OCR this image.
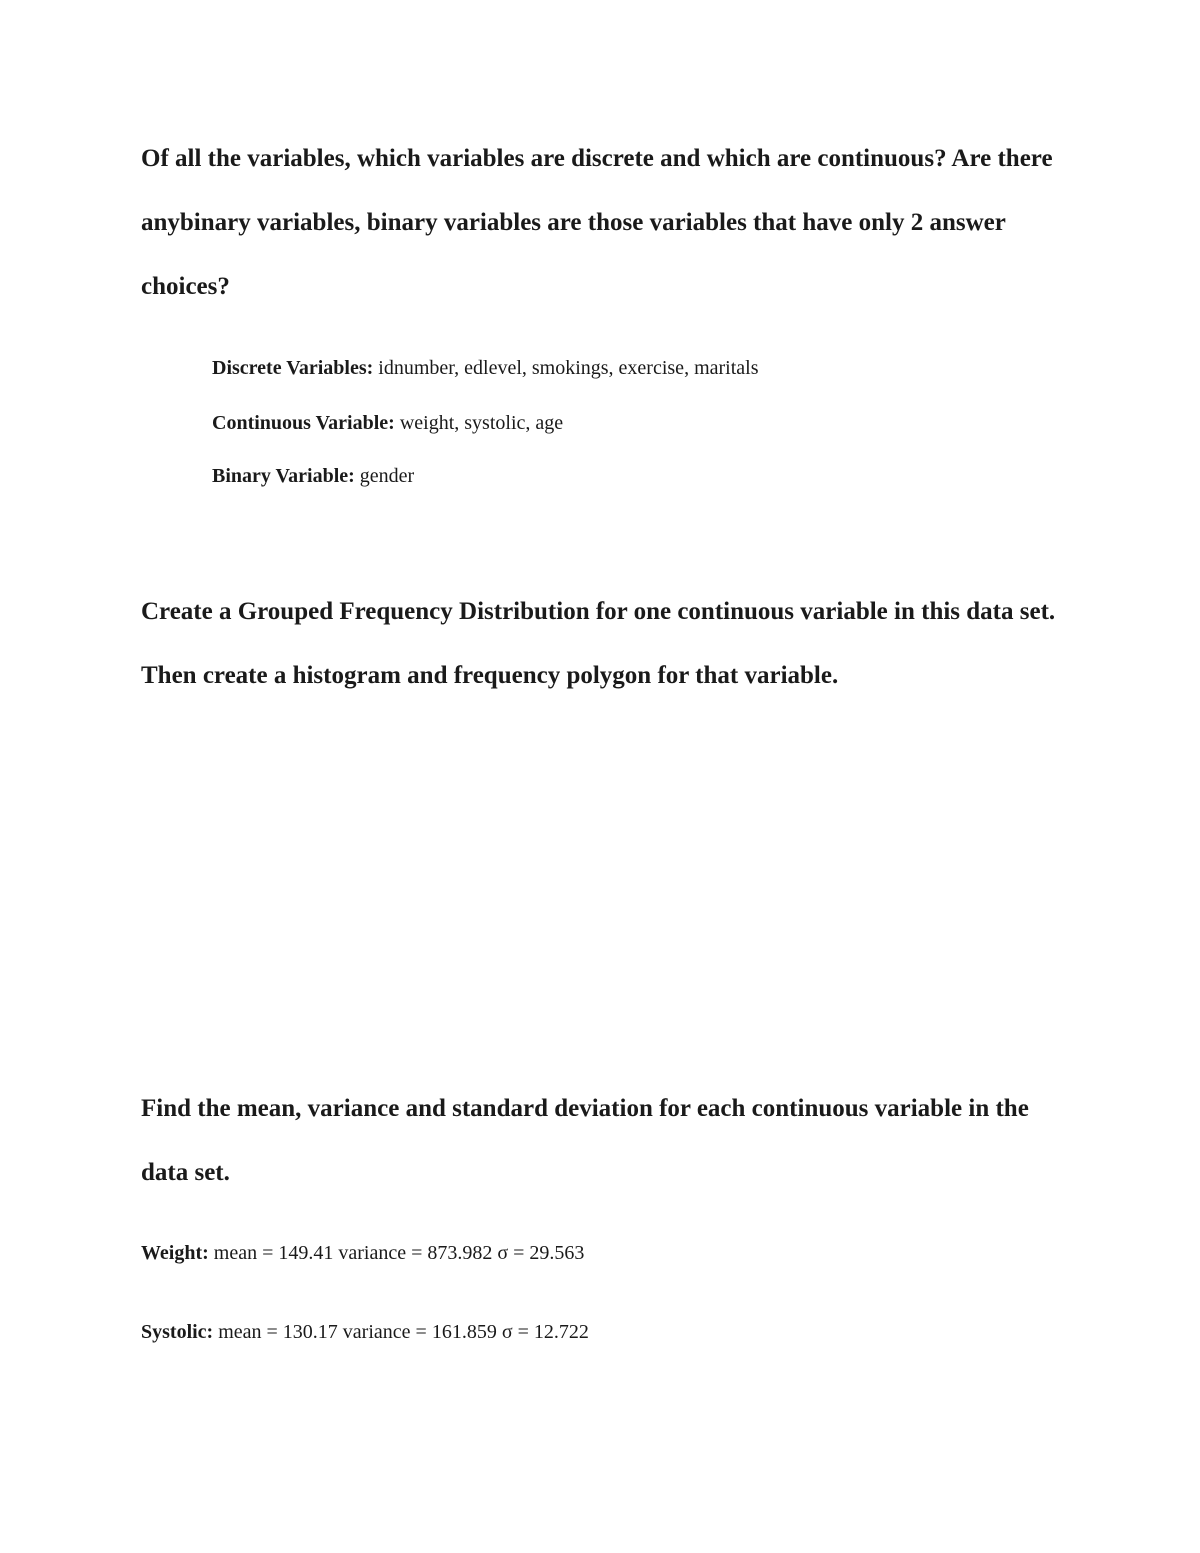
Of all the variables, which variables are discrete and which are continuous? Are there anybinary variables, binary variables are those variables that have only 2 answer choices?

Discrete Variables: idnumber, edlevel, smokings, exercise, maritals

Continuous Variable: weight, systolic, age

Binary Variable: gender

Create a Grouped Frequency Distribution for one continuous variable in this data set. Then create a histogram and frequency polygon for that variable.

Find the mean, variance and standard deviation for each continuous variable in the data set.

Weight: mean = 149.41 variance = 873.982 σ = 29.563

Systolic: mean = 130.17 variance = 161.859 σ = 12.722
